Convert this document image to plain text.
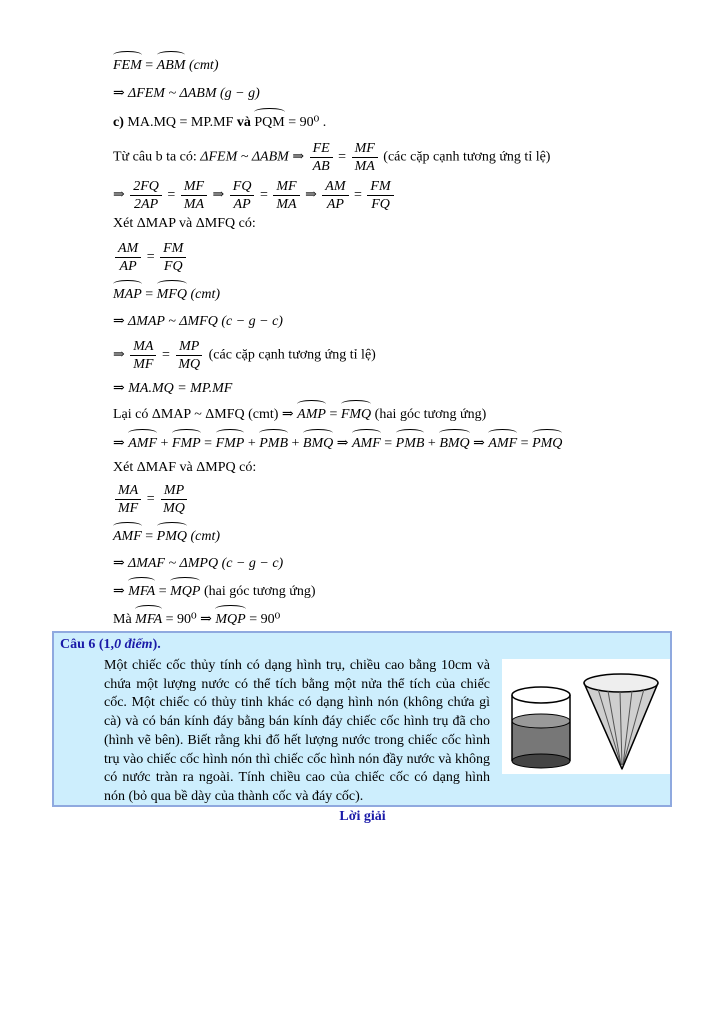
FEM = ABM (cmt)
⇒ ΔFEM ~ ΔABM (g − g)
c) MA.MQ = MP.MF và PQM = 90⁰ .
Từ câu b ta có: ΔFEM ~ ΔABM ⇒ $\frac{FE}{AB} = \frac{MF}{MA}$ (các cặp cạnh tương ứng tỉ lệ)
⇒ $\frac{2FQ}{2AP} = \frac{MF}{MA}$ ⇒ $\frac{FQ}{AP} = \frac{MF}{MA}$ ⇒ $\frac{AM}{AP} = \frac{FM}{FQ}$
Xét ΔMAP và ΔMFQ có:
$\frac{AM}{AP} = \frac{FM}{FQ}$
MAP = MFQ (cmt)
⇒ ΔMAP ~ ΔMFQ (c − g − c)
⇒ $\frac{MA}{MF} = \frac{MP}{MQ}$ (các cặp cạnh tương ứng tỉ lệ)
⇒ MA.MQ = MP.MF
Lại có ΔMAP ~ ΔMFQ (cmt) ⇒ AMP = FMQ (hai góc tương ứng)
⇒ AMF + FMP = FMP + PMB + BMQ ⇒ AMF = PMB + BMQ ⇒ AMF = PMQ
Xét ΔMAF và ΔMPQ có:
$\frac{MA}{MF} = \frac{MP}{MQ}$
AMF = PMQ (cmt)
⇒ ΔMAF ~ ΔMPQ (c − g − c)
⇒ MFA = MQP (hai góc tương ứng)
Mà MFA = 90⁰ ⇒ MQP = 90⁰
Câu 6 (1,0 điểm).
Một chiếc cốc thủy tính có dạng hình trụ, chiều cao bằng 10cm và chứa một lượng nước có thể tích bằng một nửa thể tích của chiếc cốc. Một chiếc có thủy tinh khác có dạng hình nón (không chứa gì cà) và có bán kính đáy bằng bán kính đáy chiếc cốc hình trụ đã cho (hình vẽ bên). Biết rằng khi đổ hết lượng nước trong chiếc cốc hình trụ vào chiếc cốc hình nón thì chiếc cốc hình nón đầy nước và không có nước tràn ra ngoài. Tính chiều cao của chiếc cốc có dạng hình nón (bỏ qua bề dày của thành cốc và đáy cốc).
Lời giải
